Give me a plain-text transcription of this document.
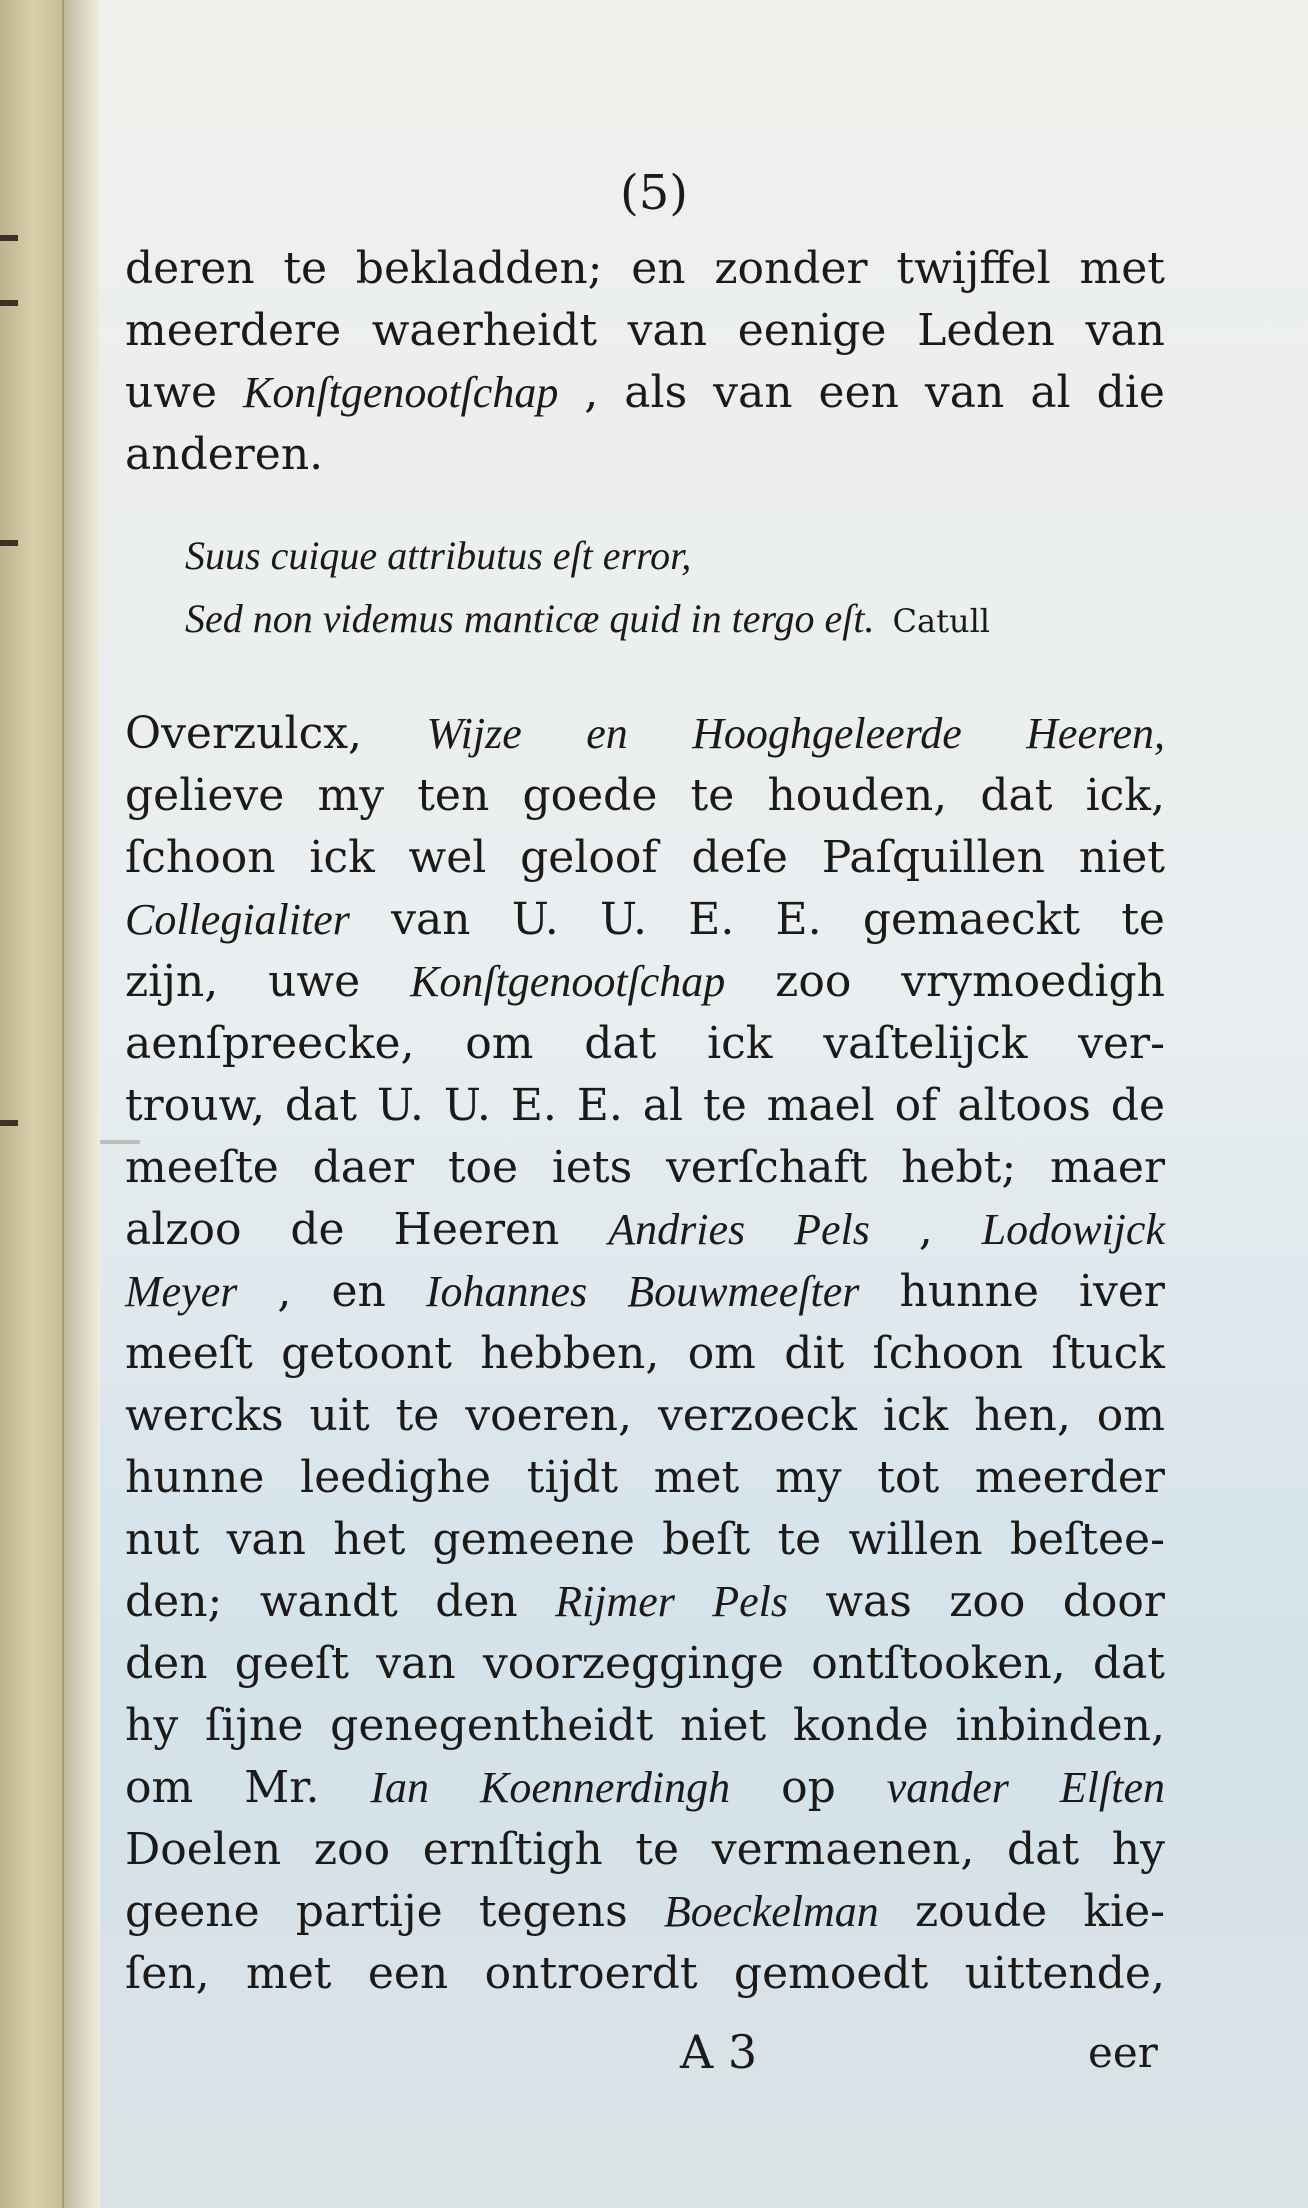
(5)
deren te bekladden; en zonder twijffel met
meerdere waerheidt van eenige Leden van
uwe Konſtgenootſchap , als van een van al die
anderen.
Suus cuique attributus eſt error,
Sed non videmus manticæ quid in tergo eſt. Catull
Overzulcx, Wijze en Hooghgeleerde Heeren,
gelieve my ten goede te houden, dat ick,
ſchoon ick wel geloof deſe Paſquillen niet
Collegialiter van U. U. E. E. gemaeckt te
zijn, uwe Konſtgenootſchap zoo vrymoedigh
aenſpreecke, om dat ick vaſtelijck ver-
trouw, dat U. U. E. E. al te mael of altoos de
meeſte daer toe iets verſchaft hebt; maer
alzoo de Heeren Andries Pels , Lodowijck
Meyer , en Iohannes Bouwmeeſter hunne iver
meeſt getoont hebben, om dit ſchoon ſtuck
wercks uit te voeren, verzoeck ick hen, om
hunne leedighe tijdt met my tot meerder
nut van het gemeene beſt te willen beſtee-
den; wandt den Rijmer Pels was zoo door
den geeſt van voorzegginge ontſtooken, dat
hy ſijne genegentheidt niet konde inbinden,
om Mr. Ian Koennerdingh op vander Elſten
Doelen zoo ernſtigh te vermaenen, dat hy
geene partije tegens Boeckelman zoude kie-
ſen, met een ontroerdt gemoedt uittende,
A 3	eer
